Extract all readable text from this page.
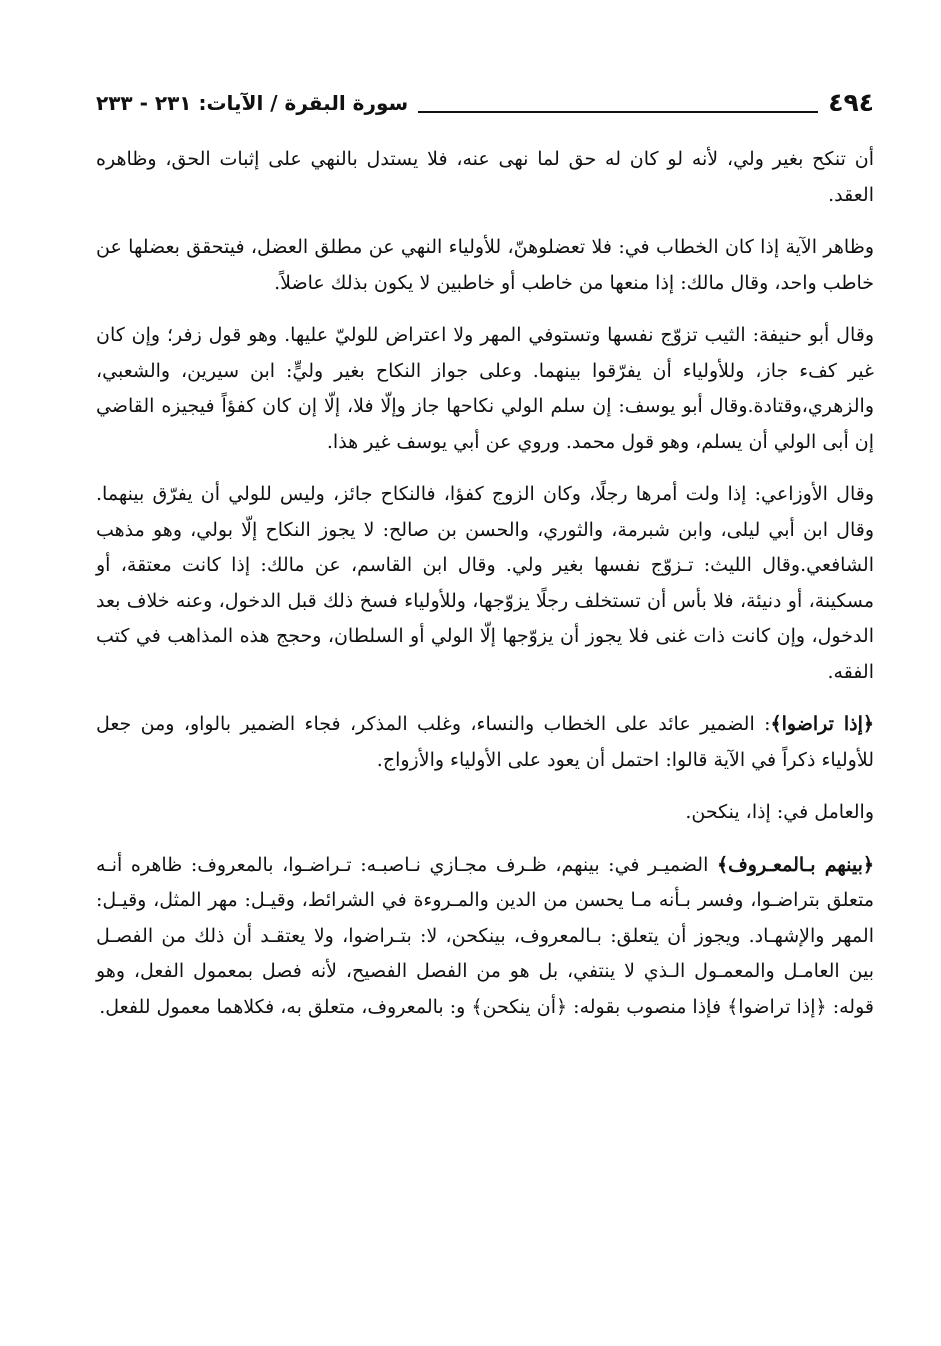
٤٩٤
سورة البقرة / الآيات: ٢٣١ - ٢٣٣

أن تنكح بغير ولي، لأنه لو كان له حق لما نهى عنه، فلا يستدل بالنهي على إثبات الحق، وظاهره العقد.

وظاهر الآية إذا كان الخطاب في: فلا تعضلوهنّ، للأولياء النهي عن مطلق العضل، فيتحقق بعضلها عن خاطب واحد، وقال مالك: إذا منعها من خاطب أو خاطبين لا يكون بذلك عاضلاً.

وقال أبو حنيفة: الثيب تزوّج نفسها وتستوفي المهر ولا اعتراض للوليّ عليها. وهو قول زفر؛ وإن كان غير كفء جاز، وللأولياء أن يفرّقوا بينهما. وعلى جواز النكاح بغير وليٍّ: ابن سيرين، والشعبي، والزهري،وقتادة.وقال أبو يوسف: إن سلم الولي نكاحها جاز وإلّا فلا، إلّا إن كان كفؤاً فيجيزه القاضي إن أبى الولي أن يسلم، وهو قول محمد. وروي عن أبي يوسف غير هذا.

وقال الأوزاعي: إذا ولت أمرها رجلًا، وكان الزوج كفؤا، فالنكاح جائز، وليس للولي أن يفرّق بينهما. وقال ابن أبي ليلى، وابن شبرمة، والثوري، والحسن بن صالح: لا يجوز النكاح إلّا بولي، وهو مذهب الشافعي.وقال الليث: تـزوّج نفسها بغير ولي. وقال ابن القاسم، عن مالك: إذا كانت معتقة، أو مسكينة، أو دنيئة، فلا بأس أن تستخلف رجلًا يزوّجها، وللأولياء فسخ ذلك قبل الدخول، وعنه خلاف بعد الدخول، وإن كانت ذات غنى فلا يجوز أن يزوّجها إلّا الولي أو السلطان، وحجج هذه المذاهب في كتب الفقه.

﴿إذا تراضوا﴾: الضمير عائد على الخطاب والنساء، وغلب المذكر، فجاء الضمير بالواو، ومن جعل للأولياء ذكراً في الآية قالوا: احتمل أن يعود على الأولياء والأزواج.

والعامل في: إذا، ينكحن.

﴿بينهم بـالمعـروف﴾ الضميـر في: بينهم، ظـرف مجـازي نـاصبـه: تـراضـوا، بالمعروف: ظاهره أنـه متعلق بتراضـوا، وفسر بـأنه مـا يحسن من الدين والمـروءة في الشرائط، وقيـل: مهر المثل، وقيـل: المهر والإشهـاد. ويجوز أن يتعلق: بـالمعروف، بينكحن، لا: بتـراضوا، ولا يعتقـد أن ذلك من الفصـل بين العامـل والمعمـول الـذي لا ينتفي، بل هو من الفصل الفصيح، لأنه فصل بمعمول الفعل، وهو قوله: ﴿إذا تراضوا﴾ فإذا منصوب بقوله: ﴿أن ينكحن﴾ و: بالمعروف، متعلق به، فكلاهما معمول للفعل.
